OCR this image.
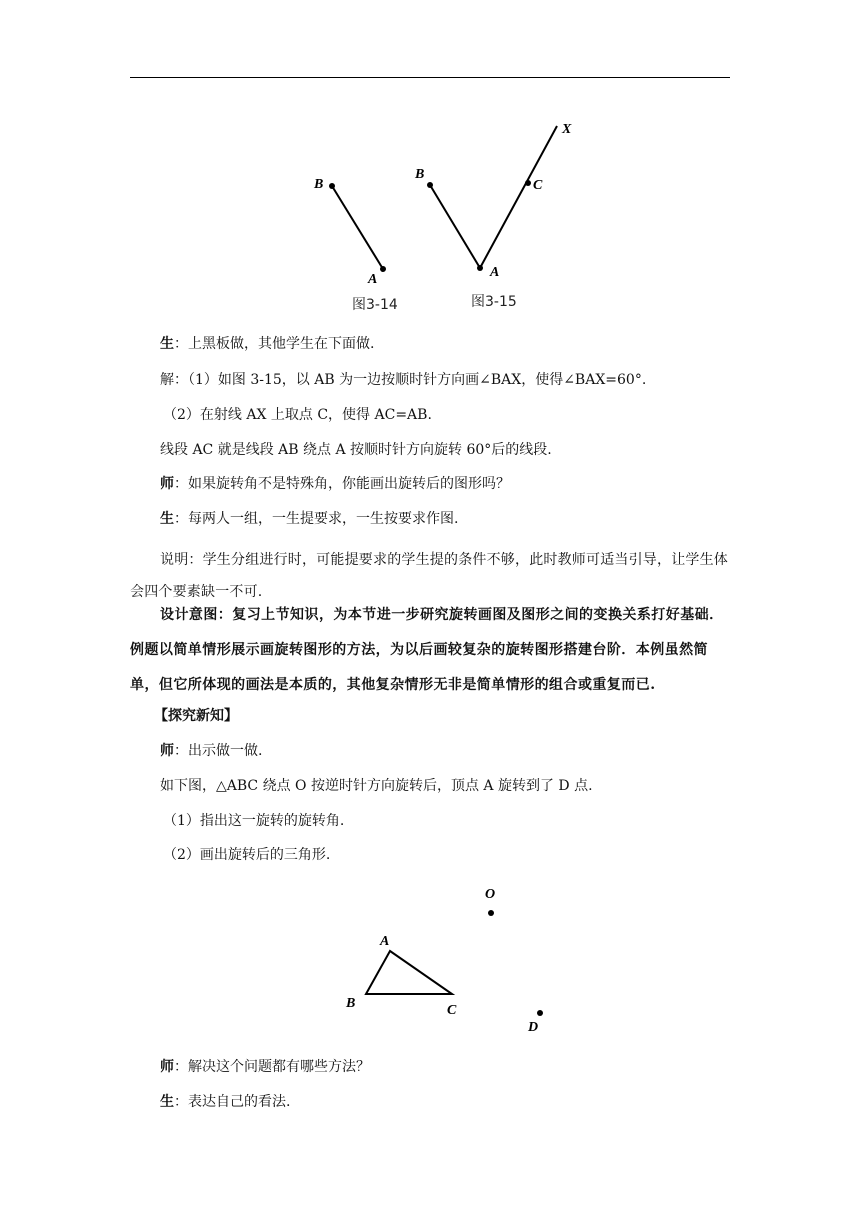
B
A
图3-14
B
A
C
X
图3-15

生：上黑板做，其他学生在下面做.

解：（1）如图 3-15，以 AB 为一边按顺时针方向画∠BAX，使得∠BAX=60°.

（2）在射线 AX 上取点 C，使得 AC=AB.

线段 AC 就是线段 AB 绕点 A 按顺时针方向旋转 60°后的线段.

师：如果旋转角不是特殊角，你能画出旋转后的图形吗？

生：每两人一组，一生提要求，一生按要求作图.

说明：学生分组进行时，可能提要求的学生提的条件不够，此时教师可适当引导，让学生体会四个要素缺一不可.

设计意图：复习上节知识，为本节进一步研究旋转画图及图形之间的变换关系打好基础．例题以简单情形展示画旋转图形的方法，为以后画较复杂的旋转图形搭建台阶．本例虽然简单，但它所体现的画法是本质的，其他复杂情形无非是简单情形的组合或重复而已.

【探究新知】

师：出示做一做.

如下图，△ABC 绕点 O 按逆时针方向旋转后，顶点 A 旋转到了 D 点.

（1）指出这一旋转的旋转角.

（2）画出旋转后的三角形.

O
A
B	C
D

师：解决这个问题都有哪些方法？

生：表达自己的看法.
